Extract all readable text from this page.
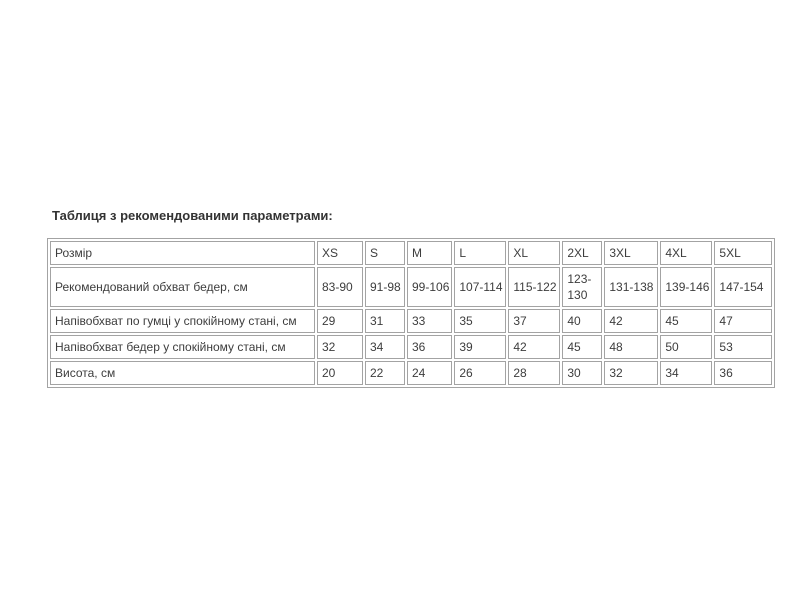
Таблиця з рекомендованими параметрами:
Розмір	XS	S	M	L	XL	2XL	3XL	4XL	5XL
Рекомендований обхват бедер, см	83-90	91-98	99-106	107-114	115-122	123-130	131-138	139-146	147-154
Напівобхват по гумці у спокійному стані, см	29	31	33	35	37	40	42	45	47
Напівобхват бедер у спокійному стані, см	32	34	36	39	42	45	48	50	53
Висота, см	20	22	24	26	28	30	32	34	36
